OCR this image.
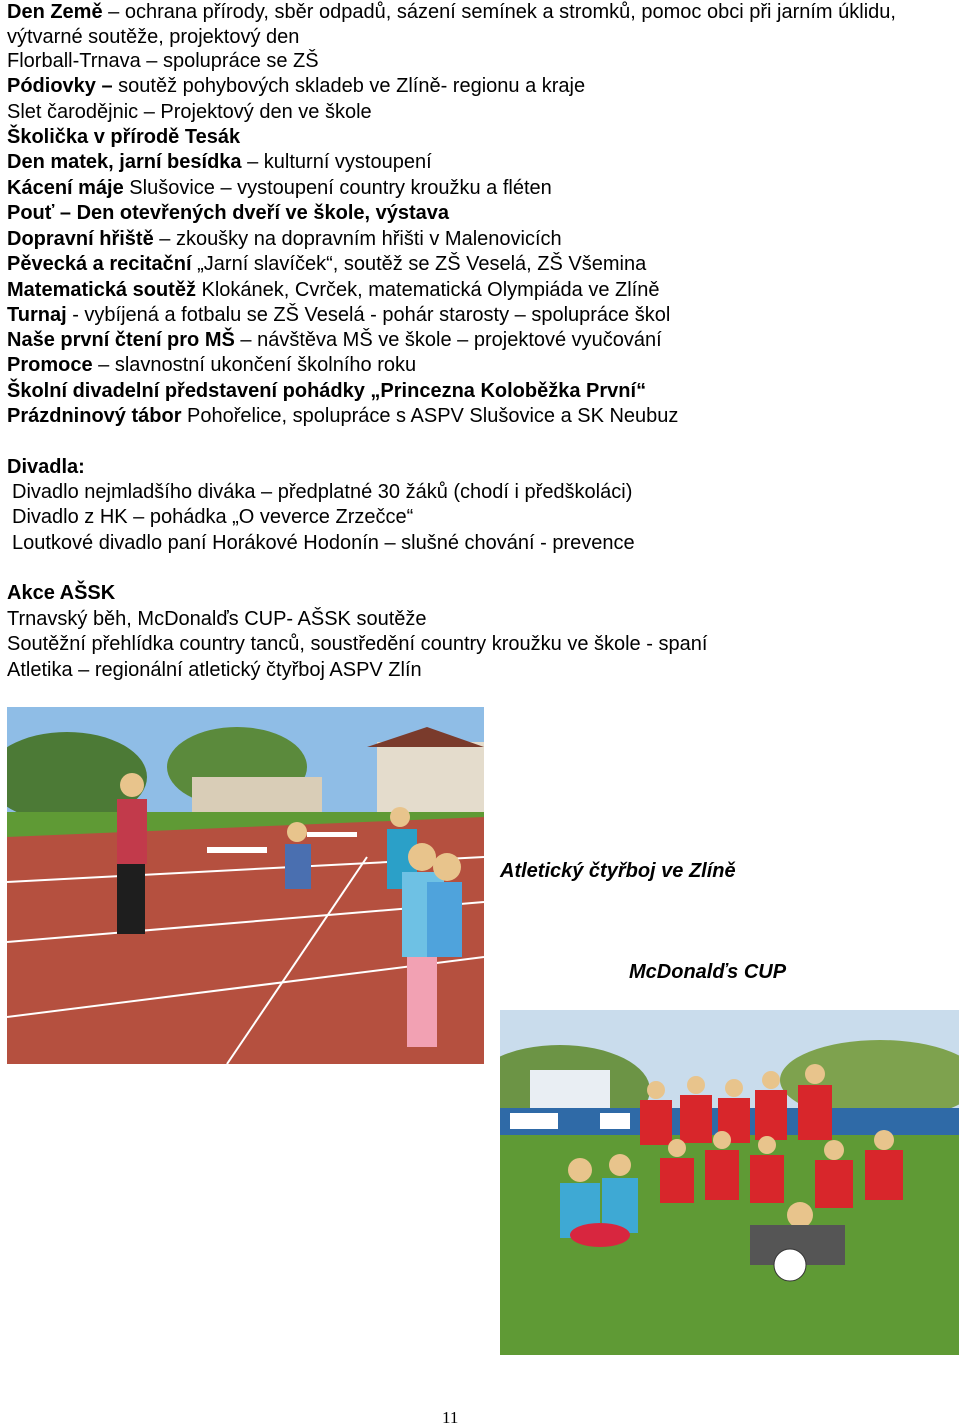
Den Země – ochrana přírody, sběr odpadů, sázení semínek a stromků, pomoc obci při jarním úklidu, výtvarné soutěže, projektový den
Florball-Trnava – spolupráce se ZŠ
Pódiovky – soutěž pohybových skladeb ve Zlíně- regionu a kraje
Slet čarodějnic – Projektový den ve škole
Školička v přírodě Tesák
Den matek, jarní besídka – kulturní vystoupení
Kácení máje Slušovice – vystoupení country kroužku a fléten
Pouť – Den otevřených dveří ve škole, výstava
Dopravní hřiště – zkoušky na dopravním hřišti v Malenovicích
Pěvecká a recitační „Jarní slavíček“, soutěž se ZŠ Veselá, ZŠ Všemina
Matematická soutěž Klokánek, Cvrček, matematická Olympiáda ve Zlíně
Turnaj - vybíjená a fotbalu se ZŠ Veselá - pohár starosty – spolupráce škol
Naše první čtení pro MŠ – návštěva MŠ ve škole – projektové vyučování
Promoce – slavnostní ukončení školního roku
Školní divadelní představení pohádky „Princezna Koloběžka První“
Prázdninový tábor Pohořelice, spolupráce s ASPV Slušovice a SK Neubuz
Divadla:
Divadlo nejmladšího diváka – předplatné 30 žáků (chodí i předškoláci)
Divadlo z HK – pohádka „O veverce Zrzečce“
Loutkové divadlo paní Horákové Hodonín – slušné chování - prevence
Akce AŠSK
Trnavský běh, McDonalďs CUP- AŠSK soutěže
Soutěžní přehlídka country tanců, soustředění country kroužku ve škole - spaní
Atletika – regionální atletický čtyřboj ASPV Zlín
Atletický čtyřboj ve Zlíně
McDonalďs CUP
11
